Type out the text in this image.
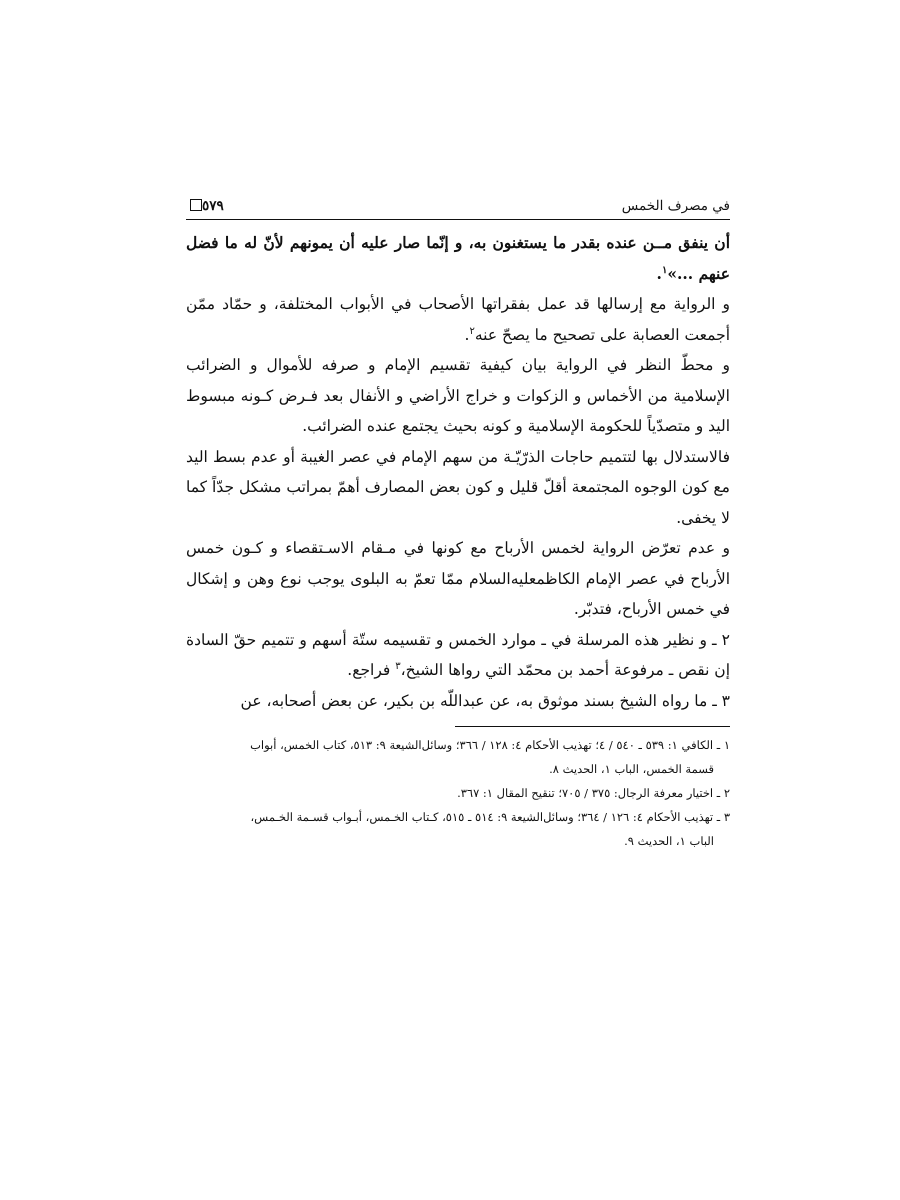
في مصرف الخمس
٥٧٩

أن ينفق مــن عنده بقدر ما يستغنون به، و إنّما صار عليه أن يمونهم لأنّ له ما فضل عنهم ...»$^١$.

و الرواية مع إرسالها قد عمل بفقراتها الأصحاب في الأبواب المختلفة، و حمّاد ممّن أجمعت العصابة على تصحيح ما يصحّ عنه$^٢$.

و محطّ النظر في الرواية بيان كيفية تقسيم الإمام و صرفه للأموال و الضرائب الإسلامية من الأخماس و الزكوات و خراج الأراضي و الأنفال بعد فـرض كـونه مبسوط اليد و متصدّياً للحكومة الإسلامية و كونه بحيث يجتمع عنده الضرائب.

فالاستدلال بها لتتميم حاجات الذرّيّـة من سهم الإمام في عصر الغيبة أو عدم بسط اليد مع كون الوجوه المجتمعة أقلّ قليل و كون بعض المصارف أهمّ بمراتب مشكل جدّاً كما لا يخفى.

و عدم تعرّض الرواية لخمس الأرباح مع كونها في مـقام الاسـتقصاء و كـون خمس الأرباح في عصر الإمام الكاظمعليه‌السلام ممّا تعمّ به البلوى يوجب نوع وهن و إشكال في خمس الأرباح، فتدبّر.

٢ ـ و نظير هذه المرسلة في ـ موارد الخمس و تقسيمه ستّة أسهم و تتميم حقّ السادة إن نقص ـ مرفوعة أحمد بن محمّد التي رواها الشيخ،$^٣$ فراجع.

٣ ـ ما رواه الشيخ بسند موثوق به، عن عبداللّه بن بكير، عن بعض أصحابه، عن

١ ـ الكافي ١: ٥٣٩ ـ ٥٤٠ / ٤؛ تهذيب الأحكام ٤: ١٢٨ / ٣٦٦؛ وسائل‌الشيعة ٩: ٥١٣، كتاب الخمس، أبواب

قسمة الخمس، الباب ١، الحديث ٨.

٢ ـ اختيار معرفة الرجال: ٣٧٥ / ٧٠٥؛ تنقيح المقال ١: ٣٦٧.

٣ ـ تهذيب الأحكام ٤: ١٢٦ / ٣٦٤؛ وسائل‌الشيعة ٩: ٥١٤ ـ ٥١٥، كـتاب الخـمس، أبـواب قسـمة الخـمس،

الباب ١، الحديث ٩.
